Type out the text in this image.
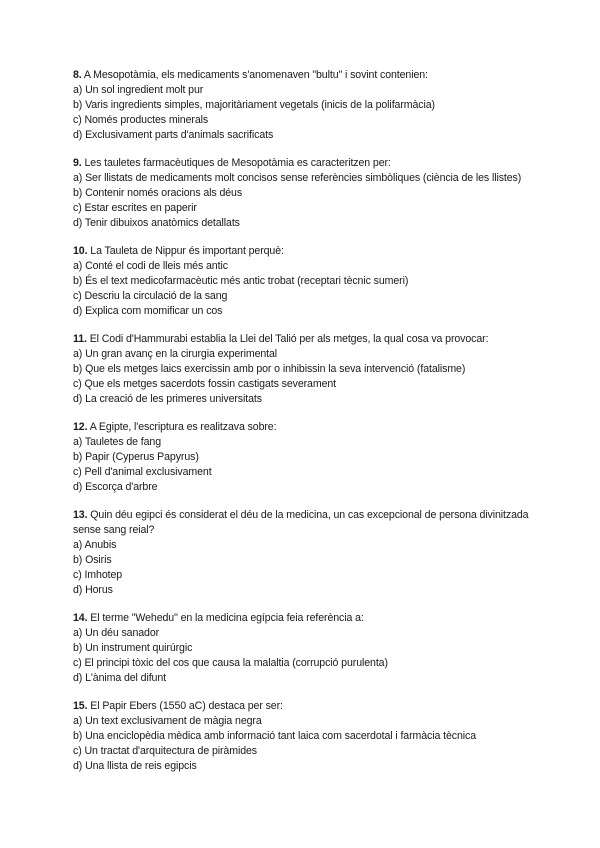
8. A Mesopotàmia, els medicaments s'anomenaven "bultu" i sovint contenien:

a) Un sol ingredient molt pur
b) Varis ingredients simples, majoritàriament vegetals (inicis de la polifarmàcia)
c) Només productes minerals
d) Exclusivament parts d'animals sacrificats

9. Les tauletes farmacèutiques de Mesopotàmia es caracteritzen per:

a) Ser llistats de medicaments molt concisos sense referències simbòliques (ciència de les llistes)
b) Contenir només oracions als déus
c) Estar escrites en paperir
d) Tenir dibuixos anatòmics detallats

10. La Tauleta de Nippur és important perquè:

a) Conté el codi de lleis més antic
b) És el text medicofarmacèutic més antic trobat (receptari tècnic sumeri)
c) Descriu la circulació de la sang
d) Explica com momificar un cos

11. El Codi d'Hammurabi establia la Llei del Talió per als metges, la qual cosa va provocar:

a) Un gran avanç en la cirurgia experimental
b) Que els metges laics exercissin amb por o inhibissin la seva intervenció (fatalisme)
c) Que els metges sacerdots fossin castigats severament
d) La creació de les primeres universitats

12. A Egipte, l'escriptura es realitzava sobre:

a) Tauletes de fang
b) Papir (Cyperus Papyrus)
c) Pell d'animal exclusivament
d) Escorça d'arbre

13. Quin déu egipci és considerat el déu de la medicina, un cas excepcional de persona divinitzada sense sang reial?

a) Anubis
b) Osiris
c) Imhotep
d) Horus

14. El terme "Wehedu" en la medicina egípcia feia referència a:

a) Un déu sanador
b) Un instrument quirúrgic
c) El principi tòxic del cos que causa la malaltia (corrupció purulenta)
d) L'ànima del difunt

15. El Papir Ebers (1550 aC) destaca per ser:

a) Un text exclusivament de màgia negra
b) Una enciclopèdia mèdica amb informació tant laica com sacerdotal i farmàcia tècnica
c) Un tractat d'arquitectura de piràmides
d) Una llista de reis egipcis
